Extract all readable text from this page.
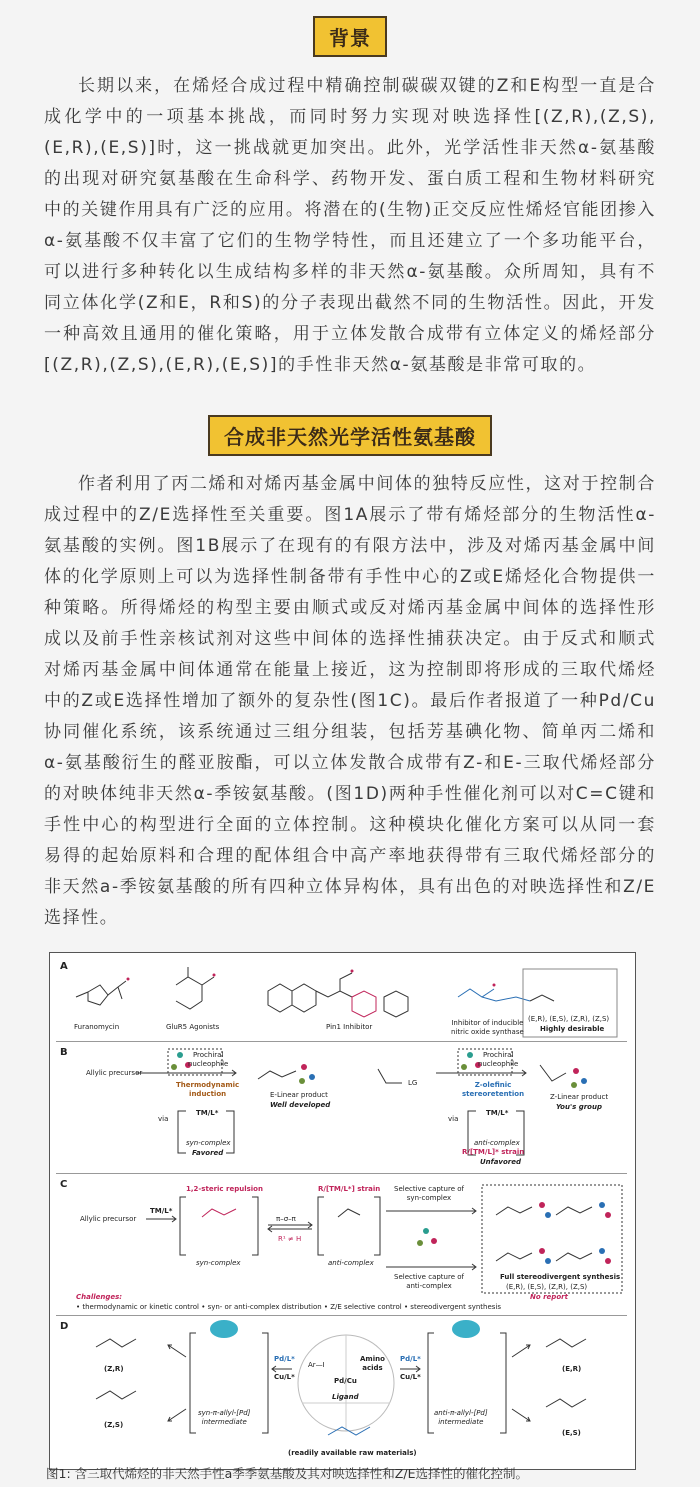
背景

长期以来，在烯烃合成过程中精确控制碳碳双键的Z和E构型一直是合成化学中的一项基本挑战，而同时努力实现对映选择性[(Z,R),(Z,S),(E,R),(E,S)]时，这一挑战就更加突出。此外，光学活性非天然α-氨基酸的出现对研究氨基酸在生命科学、药物开发、蛋白质工程和生物材料研究中的关键作用具有广泛的应用。将潜在的(生物)正交反应性烯烃官能团掺入α-氨基酸不仅丰富了它们的生物学特性，而且还建立了一个多功能平台，可以进行多种转化以生成结构多样的非天然α-氨基酸。众所周知，具有不同立体化学(Z和E，R和S)的分子表现出截然不同的生物活性。因此，开发一种高效且通用的催化策略，用于立体发散合成带有立体定义的烯烃部分[(Z,R),(Z,S),(E,R),(E,S)]的手性非天然α-氨基酸是非常可取的。

合成非天然光学活性氨基酸

作者利用了丙二烯和对烯丙基金属中间体的独特反应性，这对于控制合成过程中的Z/E选择性至关重要。图1A展示了带有烯烃部分的生物活性α-氨基酸的实例。图1B展示了在现有的有限方法中，涉及对烯丙基金属中间体的化学原则上可以为选择性制备带有手性中心的Z或E烯烃化合物提供一种策略。所得烯烃的构型主要由顺式或反对烯丙基金属中间体的选择性形成以及前手性亲核试剂对这些中间体的选择性捕获决定。由于反式和顺式对烯丙基金属中间体通常在能量上接近，这为控制即将形成的三取代烯烃中的Z或E选择性增加了额外的复杂性(图1C)。最后作者报道了一种Pd/Cu协同催化系统，该系统通过三组分组装，包括芳基碘化物、简单丙二烯和α-氨基酸衍生的醛亚胺酯，可以立体发散合成带有Z-和E-三取代烯烃部分的对映体纯非天然α-季铵氨基酸。(图1D)两种手性催化剂可以对C=C键和手性中心的构型进行全面的立体控制。这种模块化催化方案可以从同一套易得的起始原料和合理的配体组合中高产率地获得带有三取代烯烃部分的非天然a-季铵氨基酸的所有四种立体异构体，具有出色的对映选择性和Z/E选择性。

A
Furanomycin	GluR5 Agonists	Pin1 Inhibitor	Inhibitor of inducible
nitric oxide synthase
(E,R), (E,S), (Z,R), (Z,S)
Highly desirable
B
Allylic precursor
Prochiral
nucleophile
Thermodynamic
induction
via
TM/L*
syn-complex
Favored
E-Linear product
Well developed
LG
Prochiral
nucleophile
Z-olefinic
stereoretention
via
TM/L*
anti-complex
R/[TM/L]* strain
Unfavored
Z-Linear product
You's group
C
Allylic precursor
TM/L*
1,2-steric repulsion	R/[TM/L*] strain
π–σ–π
R¹ ≠ H
syn-complex	anti-complex
Selective capture of
syn-complex
Selective capture of
anti-complex
Full stereodivergent synthesis
(E,R), (E,S), (Z,R), (Z,S)
No report
Challenges:
• thermodynamic or kinetic control • syn- or anti-complex distribution • Z/E selective control • stereodivergent synthesis
D
(Z,R)
(Z,S)
(E,R)
(E,S)
syn-π-allyl-[Pd]
intermediate
anti-π-allyl-[Pd]
intermediate
Pd/L*
Cu/L*
Pd/L*
Cu/L*
Ar—I
Pd/Cu
Ligand
Amino
acids
(readily available raw materials)
图1: 含三取代烯烃的非天然手性a季季氨基酸及其对映选择性和Z/E选择性的催化控制。
